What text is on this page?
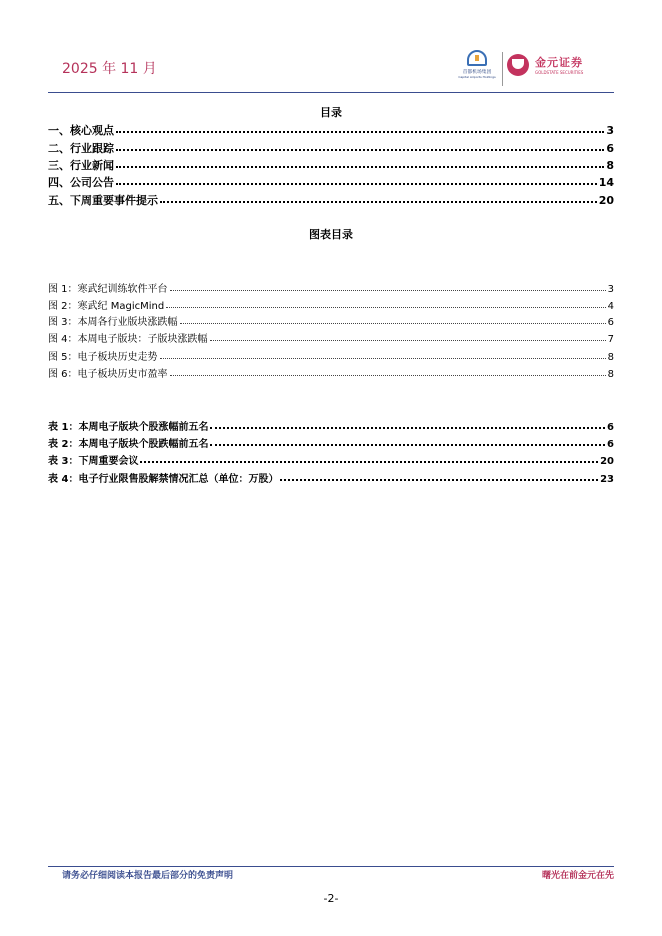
2025 年 11 月	首都机场集团
Capital Airports Holdings
金元证券
GOLDSTATE SECURITIES
目录
一、核心观点	3
二、行业跟踪	6
三、行业新闻	8
四、公司公告	14
五、下周重要事件提示	20
图表目录
图 1：寒武纪训练软件平台	3
图 2：寒武纪 MagicMind	4
图 3：本周各行业版块涨跌幅	6
图 4：本周电子版块：子版块涨跌幅	7
图 5：电子板块历史走势	8
图 6：电子板块历史市盈率	8
表 1：本周电子版块个股涨幅前五名	6
表 2：本周电子版块个股跌幅前五名	6
表 3：下周重要会议	20
表 4：电子行业限售股解禁情况汇总（单位：万股）	23
请务必仔细阅读本报告最后部分的免责声明	曙光在前金元在先
-2-
